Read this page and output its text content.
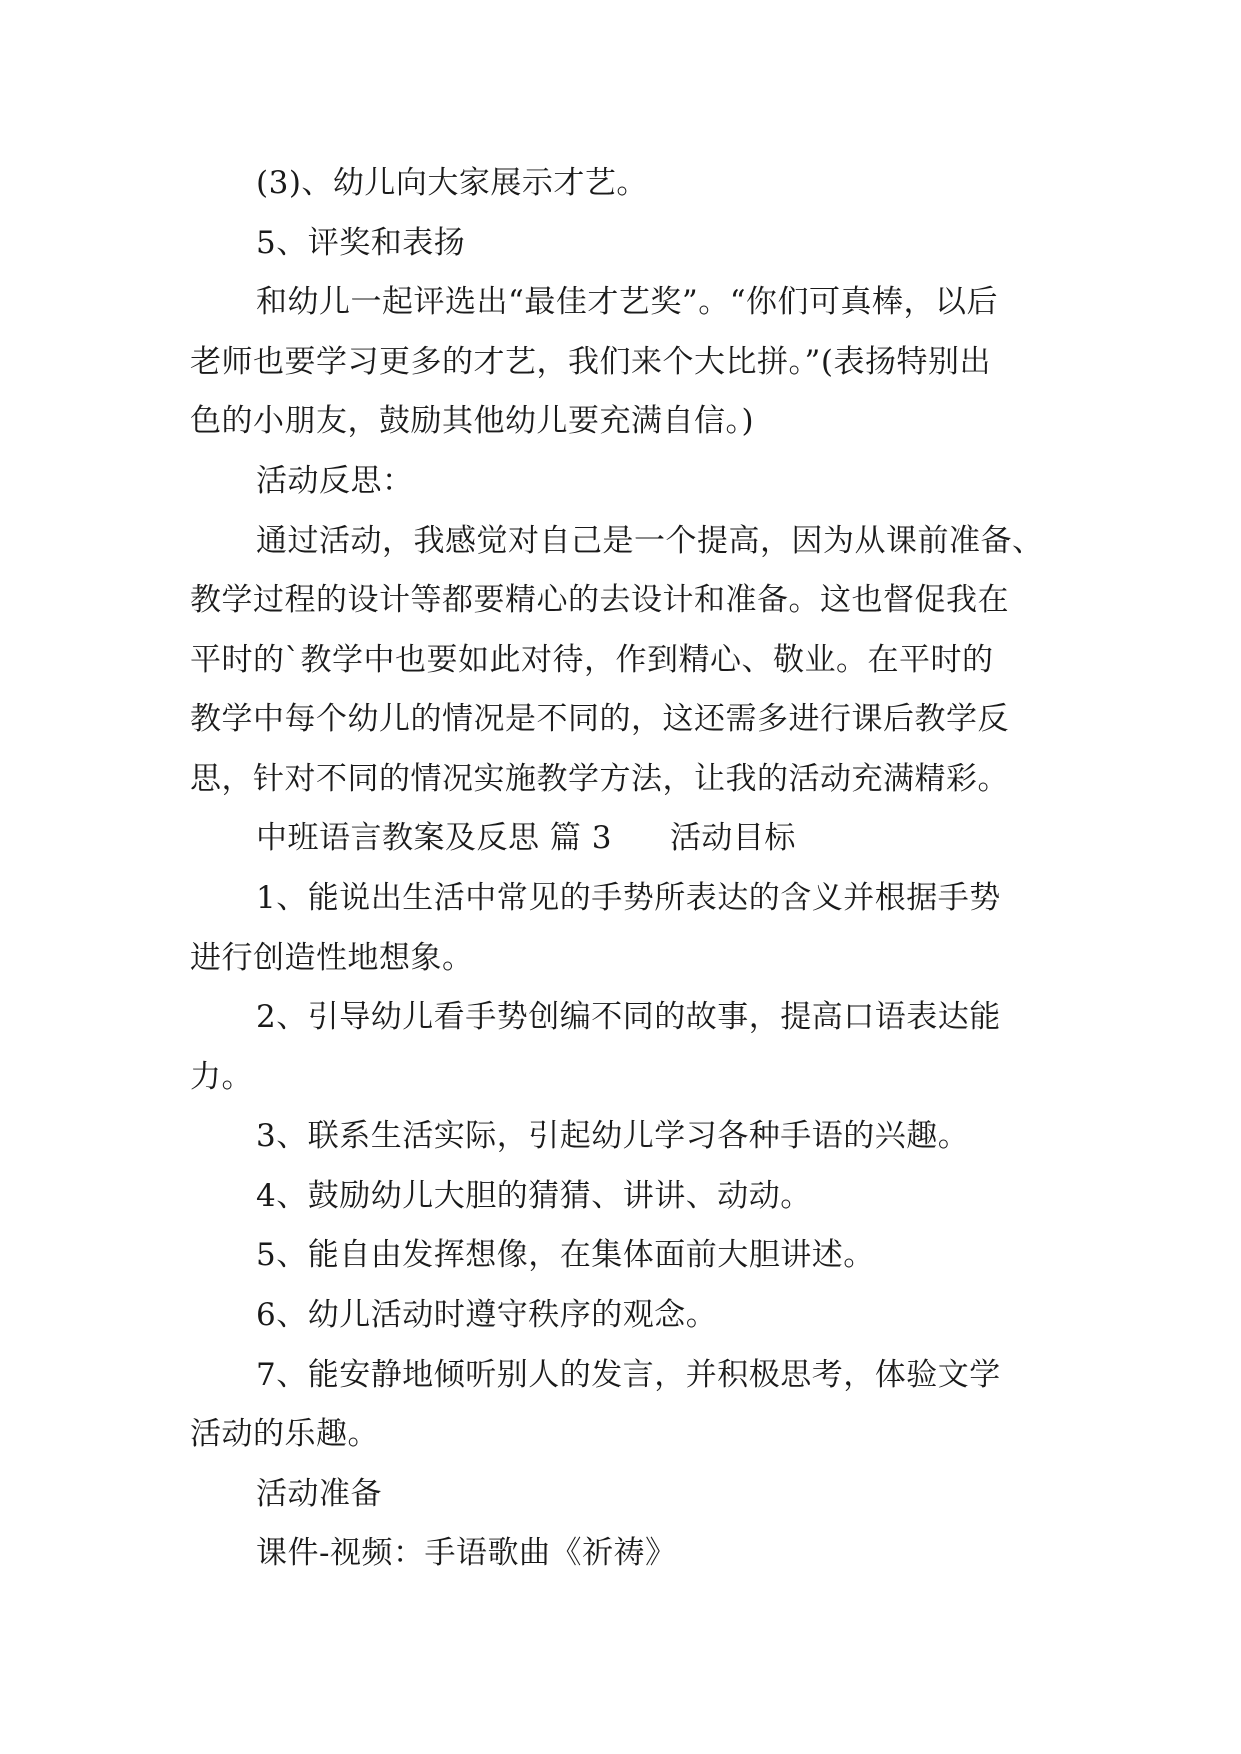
(3)、幼儿向大家展示才艺。
5、评奖和表扬
和幼儿一起评选出“最佳才艺奖”。“你们可真棒，以后
老师也要学习更多的才艺，我们来个大比拼。”(表扬特别出
色的小朋友，鼓励其他幼儿要充满自信。)
活动反思：
通过活动，我感觉对自己是一个提高，因为从课前准备、
教学过程的设计等都要精心的去设计和准备。这也督促我在
平时的`教学中也要如此对待，作到精心、敬业。在平时的
教学中每个幼儿的情况是不同的，这还需多进行课后教学反
思，针对不同的情况实施教学方法，让我的活动充满精彩。
中班语言教案及反思 篇 3 活动目标
1、能说出生活中常见的手势所表达的含义并根据手势
进行创造性地想象。
2、引导幼儿看手势创编不同的故事，提高口语表达能
力。
3、联系生活实际，引起幼儿学习各种手语的兴趣。
4、鼓励幼儿大胆的猜猜、讲讲、动动。
5、能自由发挥想像，在集体面前大胆讲述。
6、幼儿活动时遵守秩序的观念。
7、能安静地倾听别人的发言，并积极思考，体验文学
活动的乐趣。
活动准备
课件-视频：手语歌曲《祈祷》
